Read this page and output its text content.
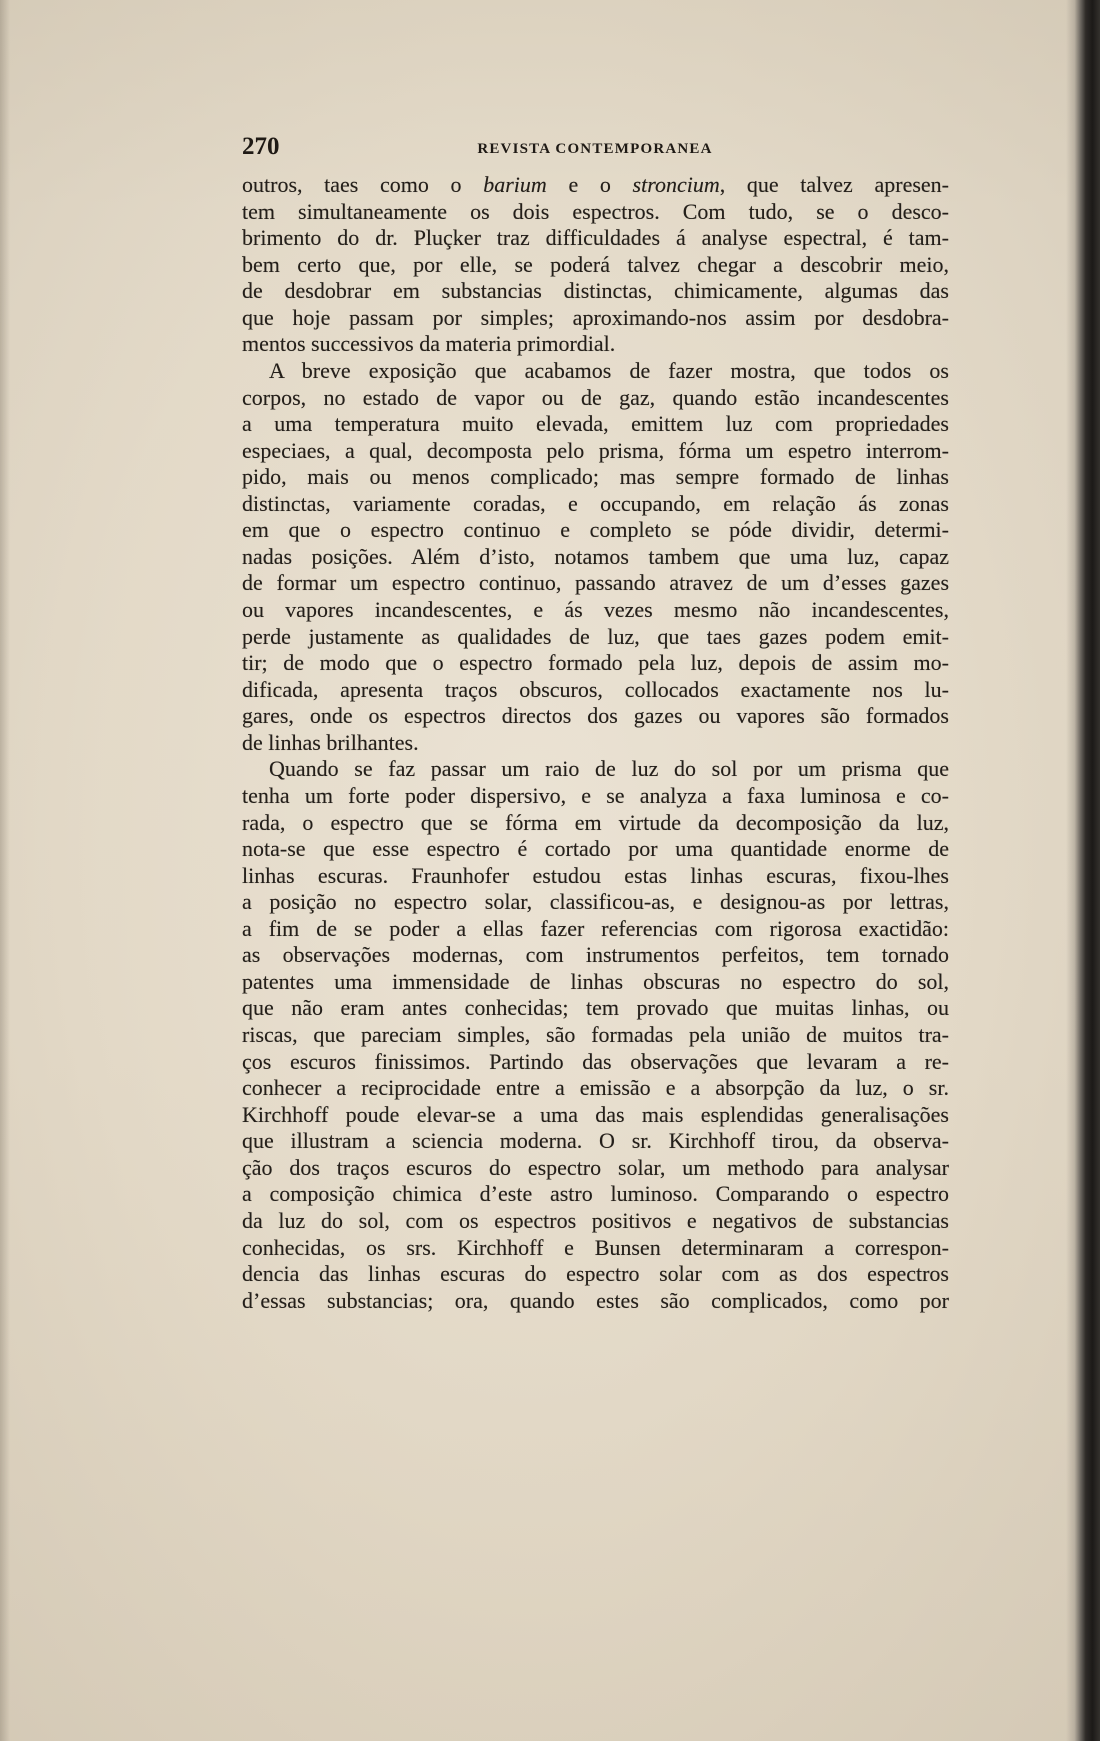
270	REVISTA CONTEMPORANEA
outros, taes como o barium e o stroncium, que talvez apresen-
tem simultaneamente os dois espectros. Com tudo, se o desco-
brimento do dr. Pluçker traz difficuldades á analyse espectral, é tam-
bem certo que, por elle, se poderá talvez chegar a descobrir meio,
de desdobrar em substancias distinctas, chimicamente, algumas das
que hoje passam por simples; aproximando-nos assim por desdobra-
mentos successivos da materia primordial.
A breve exposição que acabamos de fazer mostra, que todos os
corpos, no estado de vapor ou de gaz, quando estão incandescentes
a uma temperatura muito elevada, emittem luz com propriedades
especiaes, a qual, decomposta pelo prisma, fórma um espetro interrom-
pido, mais ou menos complicado; mas sempre formado de linhas
distinctas, variamente coradas, e occupando, em relação ás zonas
em que o espectro continuo e completo se póde dividir, determi-
nadas posições. Além d’isto, notamos tambem que uma luz, capaz
de formar um espectro continuo, passando atravez de um d’esses gazes
ou vapores incandescentes, e ás vezes mesmo não incandescentes,
perde justamente as qualidades de luz, que taes gazes podem emit-
tir; de modo que o espectro formado pela luz, depois de assim mo-
dificada, apresenta traços obscuros, collocados exactamente nos lu-
gares, onde os espectros directos dos gazes ou vapores são formados
de linhas brilhantes.
Quando se faz passar um raio de luz do sol por um prisma que
tenha um forte poder dispersivo, e se analyza a faxa luminosa e co-
rada, o espectro que se fórma em virtude da decomposição da luz,
nota-se que esse espectro é cortado por uma quantidade enorme de
linhas escuras. Fraunhofer estudou estas linhas escuras, fixou-lhes
a posição no espectro solar, classificou-as, e designou-as por lettras,
a fim de se poder a ellas fazer referencias com rigorosa exactidão:
as observações modernas, com instrumentos perfeitos, tem tornado
patentes uma immensidade de linhas obscuras no espectro do sol,
que não eram antes conhecidas; tem provado que muitas linhas, ou
riscas, que pareciam simples, são formadas pela união de muitos tra-
ços escuros finissimos. Partindo das observações que levaram a re-
conhecer a reciprocidade entre a emissão e a absorpção da luz, o sr.
Kirchhoff poude elevar-se a uma das mais esplendidas generalisações
que illustram a sciencia moderna. O sr. Kirchhoff tirou, da observa-
ção dos traços escuros do espectro solar, um methodo para analysar
a composição chimica d’este astro luminoso. Comparando o espectro
da luz do sol, com os espectros positivos e negativos de substancias
conhecidas, os srs. Kirchhoff e Bunsen determinaram a correspon-
dencia das linhas escuras do espectro solar com as dos espectros
d’essas substancias; ora, quando estes são complicados, como por
